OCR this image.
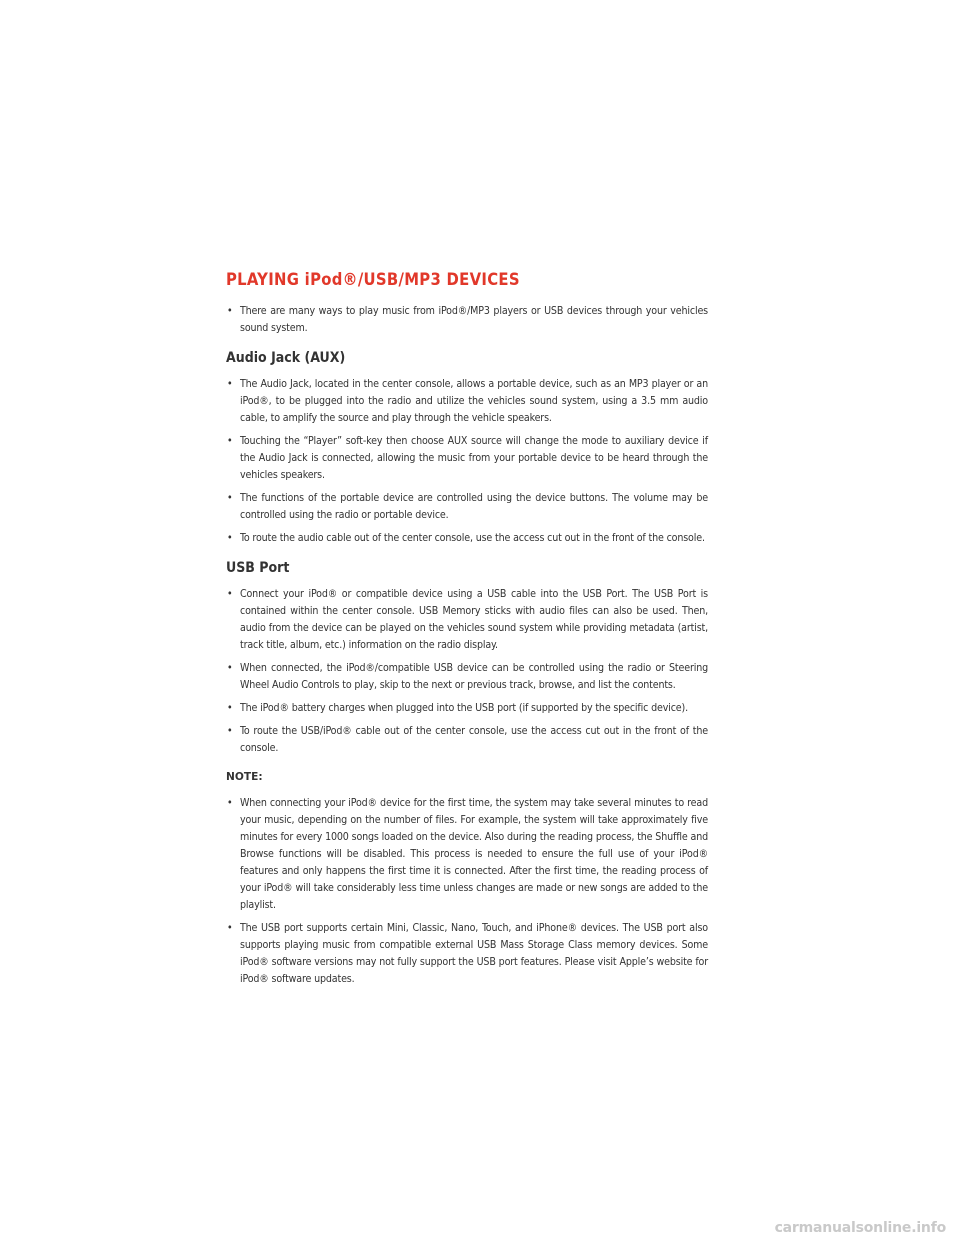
PLAYING iPod®/USB/MP3 DEVICES
• There are many ways to play music from iPod®/MP3 players or USB devices through your vehicles sound system.
Audio Jack (AUX)
• The Audio Jack, located in the center console, allows a portable device, such as an MP3 player or an iPod®, to be plugged into the radio and utilize the vehicles sound system, using a 3.5 mm audio cable, to amplify the source and play through the vehicle speakers.
• Touching the “Player” soft-key then choose AUX source will change the mode to auxiliary device if the Audio Jack is connected, allowing the music from your portable device to be heard through the vehicles speakers.
• The functions of the portable device are controlled using the device buttons. The volume may be controlled using the radio or portable device.
• To route the audio cable out of the center console, use the access cut out in the front of the console.
USB Port
• Connect your iPod® or compatible device using a USB cable into the USB Port. The USB Port is contained within the center console. USB Memory sticks with audio files can also be used. Then, audio from the device can be played on the vehicles sound system while providing metadata (artist, track title, album, etc.) information on the radio display.
• When connected, the iPod®/compatible USB device can be controlled using the radio or Steering Wheel Audio Controls to play, skip to the next or previous track, browse, and list the contents.
• The iPod® battery charges when plugged into the USB port (if supported by the specific device).
• To route the USB/iPod® cable out of the center console, use the access cut out in the front of the console.
NOTE:
• When connecting your iPod® device for the first time, the system may take several minutes to read your music, depending on the number of files. For example, the system will take approximately five minutes for every 1000 songs loaded on the device. Also during the reading process, the Shuffle and Browse functions will be disabled. This process is needed to ensure the full use of your iPod® features and only happens the first time it is connected. After the first time, the reading process of your iPod® will take considerably less time unless changes are made or new songs are added to the playlist.
• The USB port supports certain Mini, Classic, Nano, Touch, and iPhone® devices. The USB port also supports playing music from compatible external USB Mass Storage Class memory devices. Some iPod® software versions may not fully support the USB port features. Please visit Apple’s website for iPod® software updates.
carmanualsonline.info
